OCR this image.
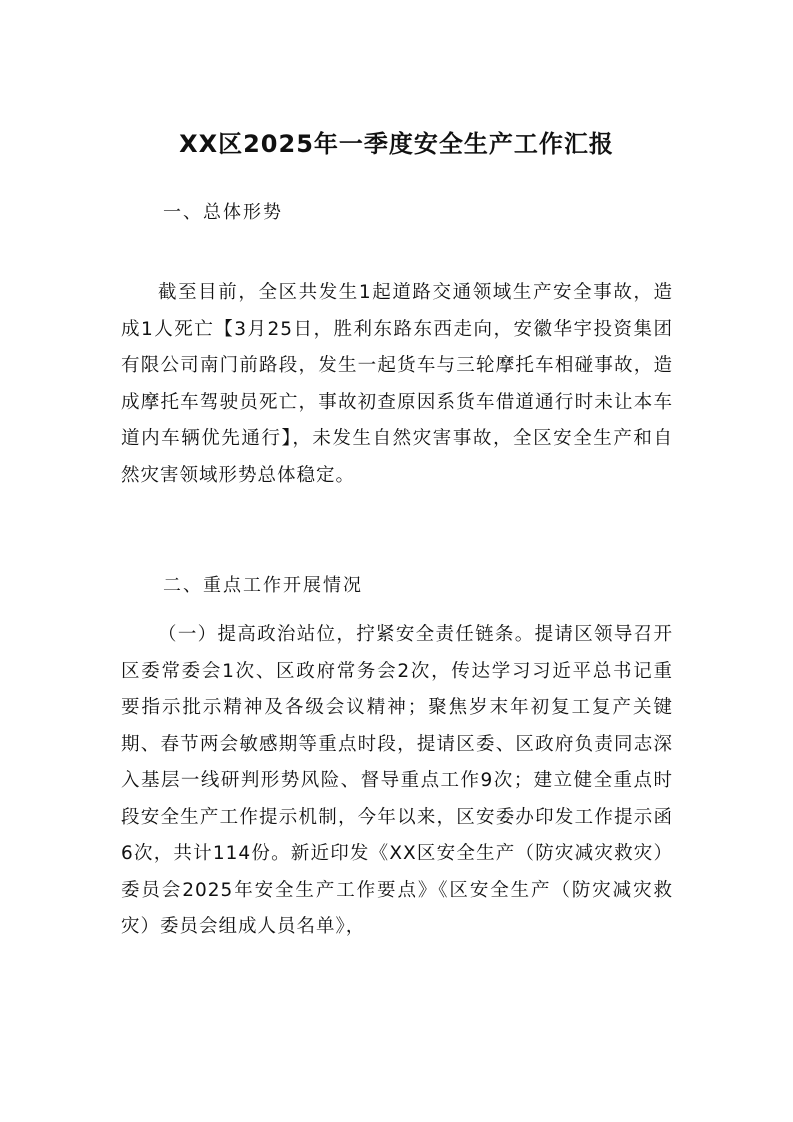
XX区2025年一季度安全生产工作汇报

一、总体形势

截至目前，全区共发生1起道路交通领域生产安全事故，造成1人死亡【3月25日，胜利东路东西走向，安徽华宇投资集团有限公司南门前路段，发生一起货车与三轮摩托车相碰事故，造成摩托车驾驶员死亡，事故初查原因系货车借道通行时未让本车道内车辆优先通行】，未发生自然灾害事故，全区安全生产和自然灾害领域形势总体稳定。

二、重点工作开展情况

（一）提高政治站位，拧紧安全责任链条。提请区领导召开区委常委会1次、区政府常务会2次，传达学习习近平总书记重要指示批示精神及各级会议精神；聚焦岁末年初复工复产关键期、春节两会敏感期等重点时段，提请区委、区政府负责同志深入基层一线研判形势风险、督导重点工作9次；建立健全重点时段安全生产工作提示机制，今年以来，区安委办印发工作提示函6次，共计114份。新近印发《XX区安全生产（防灾减灾救灾）委员会2025年安全生产工作要点》《区安全生产（防灾减灾救灾）委员会组成人员名单》，
